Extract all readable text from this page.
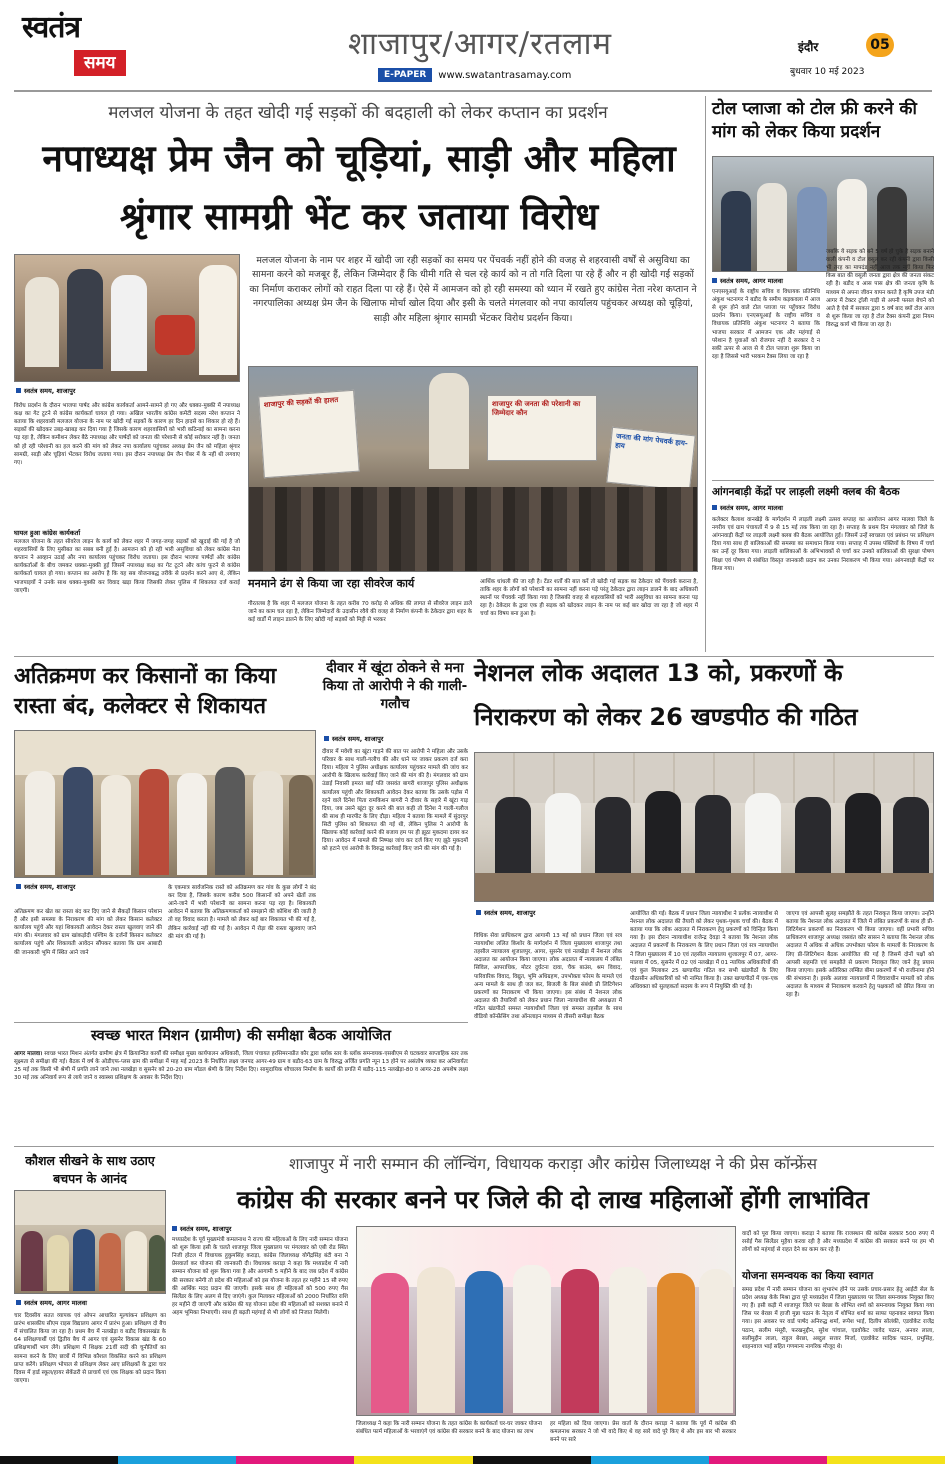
स्वतंत्र
समय
शाजापुर/आगर/रतलाम
E-PAPER	www.swatantrasamay.com
इंदौर	05
बुधवार 10 मई 2023
मलजल योजना के तहत खोदी गई सड़कों की बदहाली को लेकर कप्तान का प्रदर्शन
नपाध्यक्ष प्रेम जैन को चूड़ियां, साड़ी और महिला
श्रृंगार सामग्री भेंट कर जताया विरोध
स्वतंत्र समय, शाजापुर
मलजल योजना के नाम पर शहर में खोदी जा रही सड़कों का समय पर पेंचवर्क नहीं होने की वजह से शहरवासी वर्षों से असुविधा का सामना करने को मजबूर हैं, लेकिन जिम्मेदार हैं कि धीमी गति से चल रहे कार्य को न तो गति दिला पा रहे हैं और न ही खोदी गई सड़कों का निर्माण कराकर लोगों को राहत दिला पा रहे हैं। ऐसे में आमजन को हो रही समस्या को ध्यान में रखते हुए कांग्रेस नेता नरेश कप्तान ने नगरपालिका अध्यक्ष प्रेम जैन के खिलाफ मोर्चा खोल दिया और इसी के चलते मंगलवार को नपा कार्यालय पहुंचकर अध्यक्ष को चूड़ियां, साड़ी और महिला श्रृंगार सामग्री भेंटकर विरोध प्रदर्शन किया।
विरोध प्रदर्शन के दौरान भाजपा पार्षद और कांग्रेस कार्यकर्ता आमने-सामने हो गए और धक्का-मुक्की में नपाध्यक्ष कक्ष का गेट टूटने से कांग्रेस कार्यकर्ता घायल हो गया। अखिल भारतीय कांग्रेस कमेटी सदस्य नरेश कप्तान ने बताया कि शहरवासी मलजल योजना के नाम पर खोदी गई सड़कों के कारण हर दिन हादसे का शिकार हो रहे हैं। सड़कों की खोदकर उबड़-खाबड़ कर दिया गया है जिसके कारण शहरवासियों को भारी कठिनाई का सामना करना पड़ रहा है, लेकिन कमीशन लेकर बैठे नपाध्यक्ष और पार्षदों को जनता की परेशानी से कोई सरोकार नहीं है। जनता को हो रही परेशानी का हल करने की मांग को लेकर नपा कार्यालय पहुंचकर अध्यक्ष प्रेम जैन को महिला श्रृंगार सामग्री, साड़ी और चूड़ियां भेंटकर विरोध जताया गया। इस दौरान नपाध्यक्ष प्रेम जैन चेंबर में के नहीं थी लगवाए गए।
घायल हुआ कांग्रेस कार्यकर्ता
मलजल योजना के तहत सीवरेज लाइन के कार्य को लेकर शहर में जगह-जगह सड़कों को खुदाई की गई है जो शहरवासियों के लिए मुसीबत का सबब बनी हुई है। आमजन को हो रही भारी असुविधा को लेकर कांग्रेस नेता कप्तान ने आव्हान उठाई और नपा कार्यालय पहुंचकर विरोध जताया। इस दौरान भाजपा पार्षदों और कांग्रेस कार्यकर्ताओं के बीच जमकर धक्का-मुक्की हुई जिसमें नपाध्यक्ष कक्ष का गेट टूटने और कांच फूटने से कांग्रेस कार्यकर्ता घायल हो गया। कप्तान का आरोप है कि यह सब योजनाबद्ध तरीके से प्रदर्शन करने आए थे, लेकिन भाजपाइयों ने उनके साथ धक्का-मुक्की कर विवाद खड़ा किया जिसकी लेकर पुलिस में शिकायत दर्ज कराई जाएगी।
शाजापुर की सड़कों की हालत	शाजापुर की जनता की परेशानी का जिम्मेदार कौन
जनता की मांग पेचवर्क हाय-हाय
मनमाने ढंग से किया जा रहा सीवरेज कार्य
गौरतलब है कि शहर में मलजल योजना के तहत करीब 70 करोड़ से अधिक की लागत से सीवरेज लाइन डाले जाने का काम चल रहा है, लेकिन जिम्मेदारों के उदासीन रवैये की वजह से निर्माण कंपनी के ठेकेदार द्वारा शहर के कई वार्डों में लाइन डालने के लिए खोदी गई सड़कों को मिट्टी से भरकर
आर्थिक धांधली की जा रही है। टेंडर शर्तों की बात करें तो खोदी गई सड़क का ठेकेदार को पेंचवर्क कराना है, ताकि शहर के लोगों को परेशानी का सामना नहीं करना पड़े परंतु ठेकेदार द्वारा लाइन डालने के बाद अधिकारी स्थानों पर पेंचवर्क नहीं किया गया है जिसकी वजह से शहरवासियों को भारी असुविधा का सामना करना पड़ रहा है। ठेकेदार के द्वारा एक ही सड़क को खोदकर लाइन के नाम पर कई बार खोदा जा रहा है जो शहर में चर्चा का विषय बना हुआ है।
टोल प्लाजा को टोल फ्री करने की मांग को लेकर किया प्रदर्शन
स्वतंत्र समय, आगर मालवा
एनएसयूआई के राष्ट्रीय सचिव व विधायक प्रतिनिधि अंकुश भटनागर ने बडौद के समीप कड़कवला में आज से शुरू होने वाले टोल प्लाजा पर पहुँचकर विरोध प्रदर्शन किया। एनएसयूआई के राष्ट्रीय सचिव व विधायक प्रतिनिधि अंकुश भटनागर ने बताया कि भाजपा सरकार में आमजन एक और महंगाई से परेशान है युवाओं को रोजगार नहीं दे सरकार दे न सकी ऊपर से आज से ये टोल प्लाजा शुरू किया जा रहा है जिससे भारी भरकम टैक्स लिया जा रहा है
जबकि ये सड़क को बने 5 वर्ष हो चुके है सड़क बनाने वाली कंपनी व टोल वसूल कर रही कंपनी द्वारा किसी भी तरह का मापदंड नहीं आज तक नहीं किया फिर किस बात की वसूली जनता द्वारा क्षेत्र की जनता संकट रही है। बडौद व आस पास क्षेत्र की जनता कृषि के माध्यम से अपना जीवन यापन करते है कृषि उपज मंडी आगर में टेक्टर ट्रॉली गाड़ी से अपनी फसल बेचने को आते है ऐसे में सरकार द्वारा 5 वर्ष बाद क्यों टोल आज से शुरू किया जा रहा है टोल टैक्स कंपनी द्वारा नियम विरुद्ध कार्य भी किया जा रहा है।
आंगनबाड़ी केंद्रों पर लाड़ली लक्ष्मी क्लब की बैठक
स्वतंत्र समय, आगर मालवा
कलेक्टर कैलाश वानखेड़े के मार्गदर्शन में लाड़ली लक्ष्मी उत्सव सप्ताह का आयोजन आगर मालवा जिले के नगरीय एवं ग्राम पंचायतों में 9 से 15 मई तक किया जा रहा है। सप्ताह के प्रथम दिन मंगलवार को जिले के आंगनवाड़ी केंद्रों पर लाड़ली लक्ष्मी क्लब की बैठक आयोजित हुई। जिसमें उन्हें स्वच्छता एवं प्रबंधन पर प्रशिक्षण दिया गया साथ ही बालिकाओं की समस्या का समाधान किया गया। सप्ताह में उपस्थ पंक्तियों के विषय में चर्चा कर उन्हें दूर किया गया। लाड़ली बालिकाओं के अभिभावकों से चर्चा कर उनको बालिकाओं की सुरक्षा पोषण शिक्षा एवं पोषण से संबंधित विस्तृत जानकारी प्रदान कर उनका निराकरण भी किया गया। आंगनवाड़ी केंद्रों पर किया गया।
अतिक्रमण कर किसानों का किया रास्ता बंद, कलेक्टर से शिकायत
स्वतंत्र समय, शाजापुर
अतिक्रमण कर खेत का रास्ता बंद कर दिए जाने से सैकड़ों किसान परेशान हैं और इसी समस्या के निराकरण की मांग को लेकर किसान कलेक्टर कार्यालय पहुंचे और यहां शिकायती आवेदन देकर रास्ता खुलवाए जाने की मांग की। मंगलवार को ग्राम खांकड़ोदी पश्चिम के दर्जनों किसान कलेक्टर कार्यालय पहुंचे और शिकायती आवेदन सौंपकर बताया कि ग्राम आबादी की जानकारी भूमि में स्थित आने जाने
के एकमात्र सार्वजनिक रास्ते को अतिक्रमण कर गांव के कुछ लोगों ने बंद कर दिया है, जिसके कारण करीब 500 किसानों को अपने खेतों तक आने-जाने में भारी परेशानी का सामना करना पड़ रहा है। शिकायती आवेदन में बताया कि अतिक्रमणकर्ता को समझाने की कोशिश की जाती है तो वह विवाद करता है। मामले को लेकर कई बार शिकायत भी की गई है, लेकिन कार्रवाई नहीं की गई है। आवेदन में रोड़ा की रास्ता खुलवाए जाने की मांग की गई है।
दीवार में खूंटा ठोकने से मना किया तो आरोपी ने की गाली-गलौच
स्वतंत्र समय, शाजापुर
दीवार में मवेशी का खूंटा गाड़ने की बात पर आरोपी ने महिला और उसके परिवार के साथ गाली-गलौच की और धाने पर जाकर प्रकरण दर्ज करा दिया। महिला ने पुलिस अधीक्षक कार्यालय पहुंचकर मामले की जांच कर आरोपी के खिलाफ कार्रवाई किए जाने की मांग की है। मंगलवार को ग्राम उंडाई निवासी इमरत बाई पति जसवंत बागरी शाजापुर पुलिस अधीक्षक कार्यालय पहुंची और शिकायती आवेदन देकर बताया कि उसके पड़ोस में रहने वाले दिनेश पिता रामकिशन बागरी ने दीवार के सहारे में खूंटा गाड़ दिया, जब उसने खूंटा दूर करने की बात कही तो दिनेश ने गाली-गलौज की साथ ही मारपीट के लिए दौड़ा। महिला ने बताया कि मामले में सुंदरपुर सिटी पुलिस को शिकायत की गई थी, लेकिन पुलिस ने आरोपी के खिलाफ कोई कार्रवाई करने की बजाय हम पर ही झूठा मुकदमा दायर कर दिया। आवेदन में मामले की निष्पक्ष जांच कर दर्ज किए गए झूठे मुकदमों को हटाने एवं आरोपी के विरुद्ध कार्रवाई किए जाने की मांग की गई है।
नेशनल लोक अदालत 13 को, प्रकरणों के
निराकरण को लेकर 26 खण्डपीठ की गठित
स्वतंत्र समय, शाजापुर
विधिक सेवा प्राधिकरण द्वारा आगामी 13 मई को प्रधान जिला एवं सत्र न्यायाधीश ललित किशोर के मार्गदर्शन में जिला मुख्यालय शाजापुर तथा तहसील न्यायालय शुजालपुर, आगर, सुसनेर एवं नलखेड़ा में नेशनल लोक अदालत का आयोजन किया जाएगा। लोक अदालत में न्यायालय में लंबित सिविल, आपराधिक, मोटर दुर्घटना दावा, चैक बाउंस, श्रम विवाद, पारिवारिक विवाद, विद्युत, भूमि अधिग्रहण, उपभोक्ता फोरम के मामले एवं अन्य मामले के साथ ही जल कर, बिजली के बिल संबंधी प्री लिटिगेशन प्रकरणों का निराकरण भी किया जाएगा। इस संबंध में नेशनल लोक अदालत की तैयारियों को लेकर प्रधान जिला न्यायाधीश की अध्यक्षता में गठित खंडपीठों समस्त न्यायाधीशों जिला एवं समस्त तहसील के साथ वीडियो कॉन्फ्रेंसिंग तथा ऑनलाइन माध्यम से तीसरी समीक्षा बैठक
आयोजित की गई। बैठक में प्रधान जिला न्यायाधीश ने प्रत्येक न्यायाधीश से नेशनल लोक अदालत की तैयारी को लेकर पृथक-पृथक चर्चा की। बैठक में बताया गया कि लोक अदालत में निराकरण हेतु प्रकरणों को चिन्हित किया गया है। इस दौरान न्यायाधीश राजेन्द्र देवड़ा ने बताया कि नेशनल लोक अदालत में प्रकरणों के निराकरण के लिए प्रधान जिला एवं सत्र न्यायाधीश ने जिला मुख्यालय में 10 एवं तहसील न्यायालय शुजालपुर में 07, आगर-मालवा में 05, सुसनेर में 02 एवं नलखेड़ा में 01 न्यायिक अधिकारियों की एवं कुल मिलाकर 25 खण्डपीठ गठित कर सभी खंडपीठों के लिए पीठासीन अधिकारियों को भी नामित किया है। उक्त खण्डपीठों में एक-एक अधिवक्ता को सुलहकर्ता सदस्य के रूप में नियुक्ति की गई है।
जाएगा एवं आपसी सुलह समझौते के तहत निराकृत किया जाएगा। उन्होंने बताया कि नेशनल लोक अदालत में जिले में लंबित प्रकरणों के साथ ही प्री-लिटिगेशन प्रकरणों का निराकरण भी किया जाएगा। वहीं प्रभारी सचिव प्राधिकरण शाजापुर अध्यक्ष जसवंत कौर सासन ने बताया कि नेशनल लोक अदालत में अधिक से अधिक उपभोक्ता फोरम के मामलों के निराकरण के लिए प्री-लिटिगेशन बैठक आयोजित की गई है जिसमें दोनों पक्षों को आपसी सहमति एवं समझौते से प्रकरण निराकृत किए जाने हेतु प्रयास किया जाएगा। इसके अतिरिक्त लम्बित बीमा प्रकरणों में भी राजीनामा होने की संभावना है। इसके अलावा न्यायालयों में विचाराधीन मामलों को लोक अदालत के माध्यम से निराकरण करवाने हेतु पक्षकारों को प्रेरित किया जा रहा है।
स्वच्छ भारत मिशन (ग्रामीण) की समीक्षा बैठक आयोजित
आगर मालवा। स्वच्छ भारत मिशन अंतर्गत ग्रामीण क्षेत्र में क्रियान्वित कार्यों की समीक्षा मुख्य कार्यपालन अधिकारी, जिला पंचायत हरसिमरनप्रीत कौर द्वारा ब्लॉक स्तर के ब्लॉक समन्वयक-एसबीएम से घटकवार साप्ताहिक स्तर तक सूक्ष्मता से समीक्षा की गई। बैठक में वर्ष के ओडीएफ-प्लस ग्राम की समीक्षा में माह मई 2023 के निर्धारित लक्ष्य जनपद आगर-49 ग्राम व बडौद-63 ग्राम के विरुद्ध अर्जित प्रगति न्यून 13 होने पर असंतोष व्यक्त कर अनिवार्यतः 25 मई तक किसी भी श्रेणी में प्रगति लाने जाने तथा नलखेड़ा व सुसनेर को 20-20 ग्राम मॉडल श्रेणी के लिए निर्देश दिए। सामुदायिक शौचालय निर्माण के कार्यों की प्रगति में बडौद-115 नलखेड़ा-80 व आगर-28 अपशेष लक्ष्य 30 मई तक अनिवार्य रूप से लाये जाने व स्वास्थ्य प्रशिक्षण के अवसर के निर्देश दिए।
कौशल सीखने के साथ उठाए बचपन के आनंद
स्वतंत्र समय, आगर मालवा
चार दिवसीय सतत व्यापक एवं ओपन आधारित मूल्यांकन प्रशिक्षण का प्रारंभ शासकीय सीएम राइस विद्यालय आगर में प्रारंभ हुआ। प्रशिक्षण दो बैच में संचालित किया जा रहा है। प्रथम बैच में नलखेड़ा व बडौद विकासखंड के 64 प्रशिक्षणार्थी एवं द्वितीय बैच में आगर एवं सुसनेर विकास खंड के 60 प्रशिक्षणार्थी भाग लेंगे। प्रशिक्षण में शिक्षक 21वीं सदी की चुनौतियों का सामना करने के लिए छात्रों में विभिन्न कौशल विकसित करने का प्रशिक्षण प्राप्त करेंगे। प्रशिक्षण भोपाल से प्रशिक्षण लेकर आए प्रशिक्षकों के द्वारा चार दिवस में हार्ड स्कूल/हायर सेकेंडरी से प्राचार्य एवं एक शिक्षक को प्रदान किया जाएगा।
शाजापुर में नारी सम्मान की लॉन्चिंग, विधायक कराड़ा और कांग्रेस जिलाध्यक्ष ने की प्रेस कॉन्फ्रेंस
कांग्रेस की सरकार बनने पर जिले की दो लाख महिलाओं होंगी लाभांवित
स्वतंत्र समय, शाजापुर
मध्यप्रदेश के पूर्व मुख्यमंत्री कमलनाथ ने राज्य की महिलाओं के लिए नारी सम्मान योजना को शुरू किया इसी के चलते शाजापुर जिला मुख्यालय पर मंगलवार को एबी रोड स्थित निजी होटल में विधायक हुकुमसिंह कराड़ा, कांग्रेस जिलाध्यक्ष योगेंद्रसिंह बंटी बना ने प्रेसवार्ता कर योजना की जानकारी दी। विधायक कराड़ा ने कहा कि मध्यप्रदेश में नारी सम्मान योजना को शुरू किया गया है और आगामी 5 महीने के बाद जब प्रदेश में कांग्रेस की सरकार बनेगी तो प्रदेश की महिलाओं को इस योजना के तहत हर महीने 15 सौ रुपए की आर्थिक मदद प्रदान की जाएगी। इसके साथ ही महिलाओं को 500 रुपए गैस सिलेंडर के लिए अलग से दिए जाएंगे। कुल मिलाकर महिलाओं को 2000 निर्धारित राशि हर महीने दी जाएगी और कांग्रेस की यह योजना प्रदेश की महिलाओं को सशक्त बनाने में अहम भूमिका निभाएगी। साथ ही बढ़ती महंगाई से भी लोगों को निजात मिलेगी।
जिलाध्यक्ष ने कहा कि नारी सम्मान योजना के तहत कांग्रेस के कार्यकर्ता घर-घर जाकर योजना संबंधित फार्म महिलाओं के भरवाएंगे एवं कांग्रेस की सरकार बनने के बाद योजना का लाभ
हर महिला को दिया जाएगा। प्रेस वार्ता के दौरान कराड़ा ने बताया कि पूर्व में कांग्रेस की कमलनाथ सरकार ने जो भी वादे किए थे वह सारे वादे पूरे किए थे और इस बार भी सरकार बनने पर सारे
वादों को पूरा किया जाएगा। कराड़ा ने बताया कि राजस्थान की कांग्रेस सरकार 500 रुपए में रसोई गैस सिलेंडर मुहैया करवा रही है और मध्यप्रदेश में कांग्रेस की सरकार बनने पर हम भी लोगों को महंगाई से राहत देने का काम कर रहे हैं।
योजना समन्वयक का किया स्वागत
समग्र प्रदेश में नारी सम्मान योजना का शुभारंभ होने पर उसके प्रचार-प्रसार हेतु आईटी सेल के प्रदेश अध्यक्ष केके मिश्रा द्वारा पूरे मध्यप्रदेश में जिला मुख्यालय पर जिला समन्वयक नियुक्त किए गए हैं। इसी कड़ी में शाजापुर जिले पर बेरछा के शोभित शर्मा को समन्वयक नियुक्त किया गया जिस पर बेरछा में हाजी मुन्ना पठान के नेतृत्व में शोभित शर्मा का साफा पहनाकर स्वागत किया गया। इस अवसर पर वार्ड पार्षद अनिरुद्ध शर्मा, रूपेश भाई, दिलीप सोलंकी, एडवोकेट राजेंद्र पठान, सलीम मंसूरी, फरखनुद्दीन, सुरेश पांचाल, एडवोकेट जावेद पठान, अनवर लाला, सलीमुद्दीन लाला, राहुल बेरछा, अब्दुल सत्तार मिर्जा, एडवोकेट सादिक पठान, प्रभुसिंह, शाहनवाज भाई सहित गणमान्य नागरिक मौजूद थे।
